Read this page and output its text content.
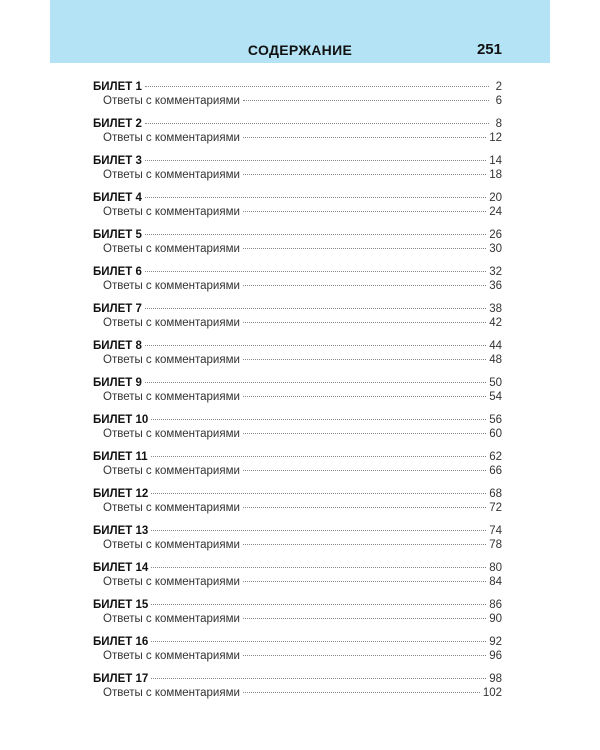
СОДЕРЖАНИЕ	251
БИЛЕТ 1	2
Ответы с комментариями	6
БИЛЕТ 2	8
Ответы с комментариями	12
БИЛЕТ 3	14
Ответы с комментариями	18
БИЛЕТ 4	20
Ответы с комментариями	24
БИЛЕТ 5	26
Ответы с комментариями	30
БИЛЕТ 6	32
Ответы с комментариями	36
БИЛЕТ 7	38
Ответы с комментариями	42
БИЛЕТ 8	44
Ответы с комментариями	48
БИЛЕТ 9	50
Ответы с комментариями	54
БИЛЕТ 10	56
Ответы с комментариями	60
БИЛЕТ 11	62
Ответы с комментариями	66
БИЛЕТ 12	68
Ответы с комментариями	72
БИЛЕТ 13	74
Ответы с комментариями	78
БИЛЕТ 14	80
Ответы с комментариями	84
БИЛЕТ 15	86
Ответы с комментариями	90
БИЛЕТ 16	92
Ответы с комментариями	96
БИЛЕТ 17	98
Ответы с комментариями	102
